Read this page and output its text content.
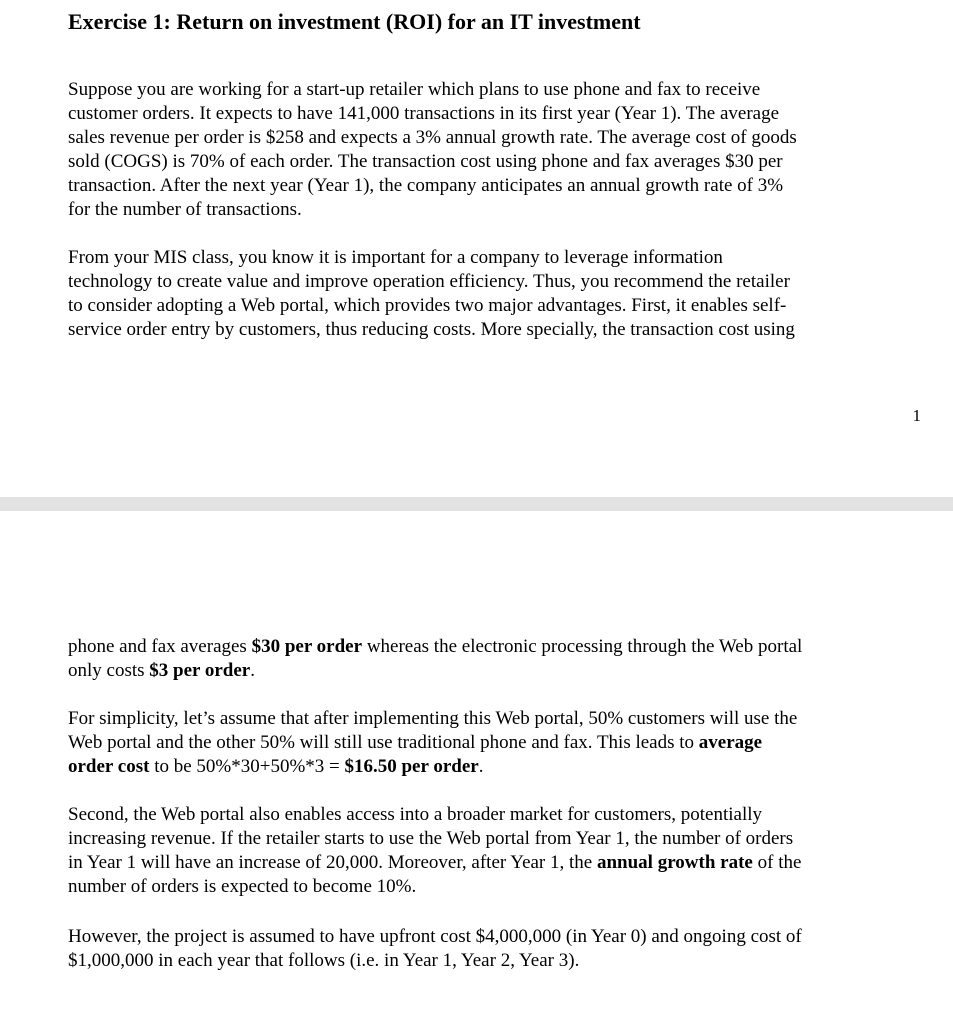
Exercise 1: Return on investment (ROI) for an IT investment

Suppose you are working for a start-up retailer which plans to use phone and fax to receive
customer orders. It expects to have 141,000 transactions in its first year (Year 1). The average
sales revenue per order is $258 and expects a 3% annual growth rate. The average cost of goods
sold (COGS) is 70% of each order. The transaction cost using phone and fax averages $30 per
transaction. After the next year (Year 1), the company anticipates an annual growth rate of 3%
for the number of transactions.

From your MIS class, you know it is important for a company to leverage information
technology to create value and improve operation efficiency. Thus, you recommend the retailer
to consider adopting a Web portal, which provides two major advantages. First, it enables self-
service order entry by customers, thus reducing costs. More specially, the transaction cost using

1

phone and fax averages $30 per order whereas the electronic processing through the Web portal
only costs $3 per order.

For simplicity, let’s assume that after implementing this Web portal, 50% customers will use the
Web portal and the other 50% will still use traditional phone and fax. This leads to average
order cost to be 50%*30+50%*3 = $16.50 per order.

Second, the Web portal also enables access into a broader market for customers, potentially
increasing revenue. If the retailer starts to use the Web portal from Year 1, the number of orders
in Year 1 will have an increase of 20,000. Moreover, after Year 1, the annual growth rate of the
number of orders is expected to become 10%.

However, the project is assumed to have upfront cost $4,000,000 (in Year 0) and ongoing cost of
$1,000,000 in each year that follows (i.e. in Year 1, Year 2, Year 3).
